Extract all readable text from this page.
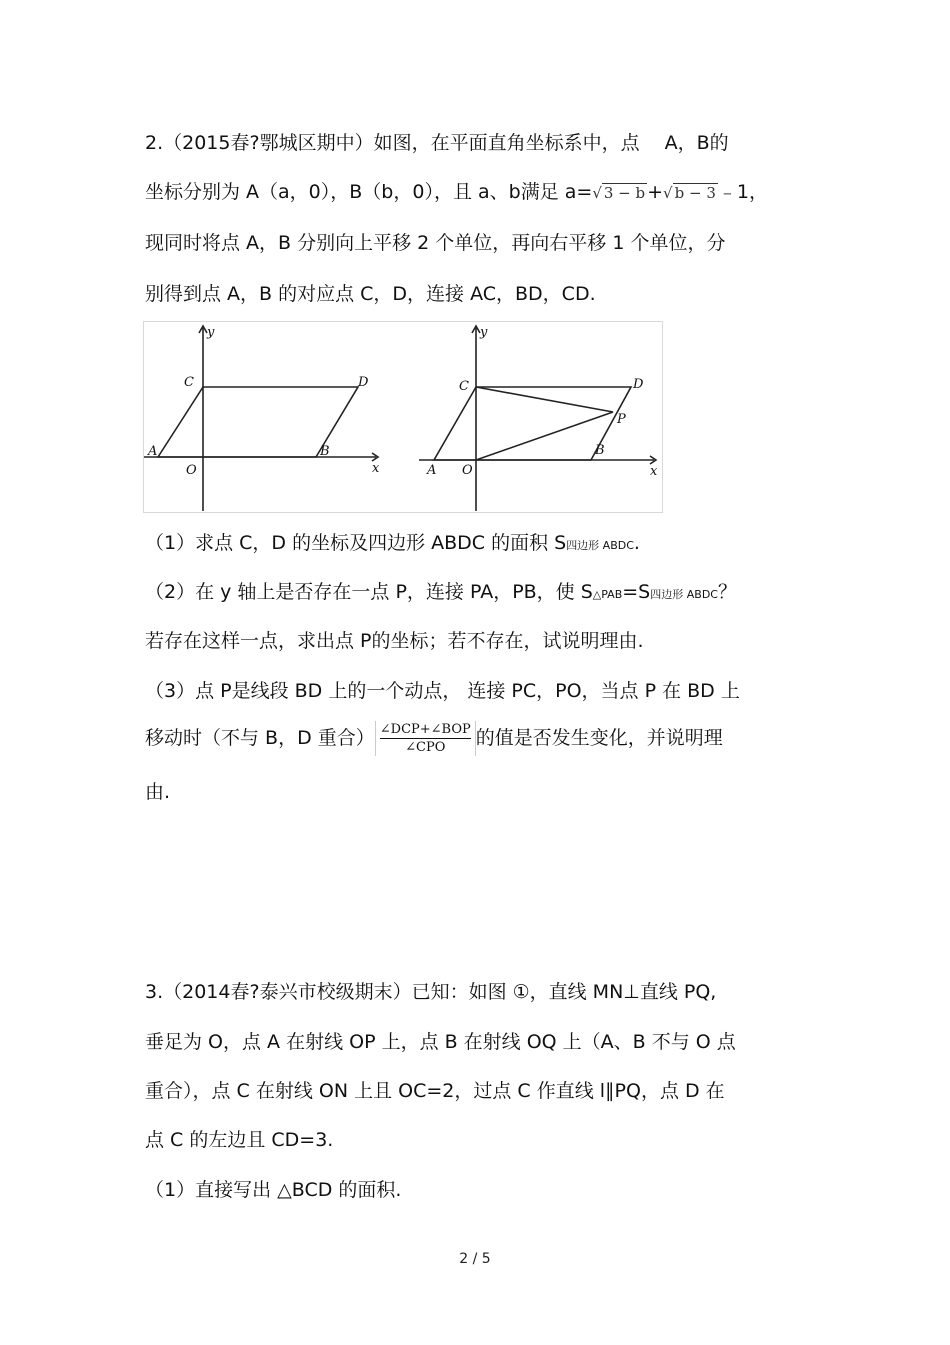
2.（2015春?鄂城区期中）如图，在平面直角坐标系中，点　 A，B的
坐标分别为 A（a，0），B（b，0），且 a、b满足 a=√ 3 − b +√ b − 3 ﹣1，
现同时将点 A，B 分别向上平移 2 个单位，再向右平移 1 个单位，分
别得到点 A，B 的对应点 C，D，连接 AC，BD，CD.
y
x
C	D
A
O
B
y
x
C	D
A O
B
P
（1）求点 C，D 的坐标及四边形 ABDC 的面积 S四边形 ABDC.
（2）在 y 轴上是否存在一点 P，连接 PA，PB，使 S△PAB=S四边形 ABDC？
若存在这样一点，求出点 P的坐标；若不存在，试说明理由.
（3）点 P是线段 BD 上的一个动点， 连接 PC，PO，当点 P 在 BD 上
移动时（不与 B，D 重合） $\frac{\text{∠DCP+∠BOP}}{\text{∠CPO}}$ 的值是否发生变化，并说明理
由.
3.（2014春?泰兴市校级期末）已知：如图 ①，直线 MN⊥直线 PQ,
垂足为 O，点 A 在射线 OP 上，点 B 在射线 OQ 上（A、B 不与 O 点
重合），点 C 在射线 ON 上且 OC=2，过点 C 作直线 l∥PQ，点 D 在
点 C 的左边且 CD=3.
（1）直接写出 △BCD 的面积.
2 / 5
